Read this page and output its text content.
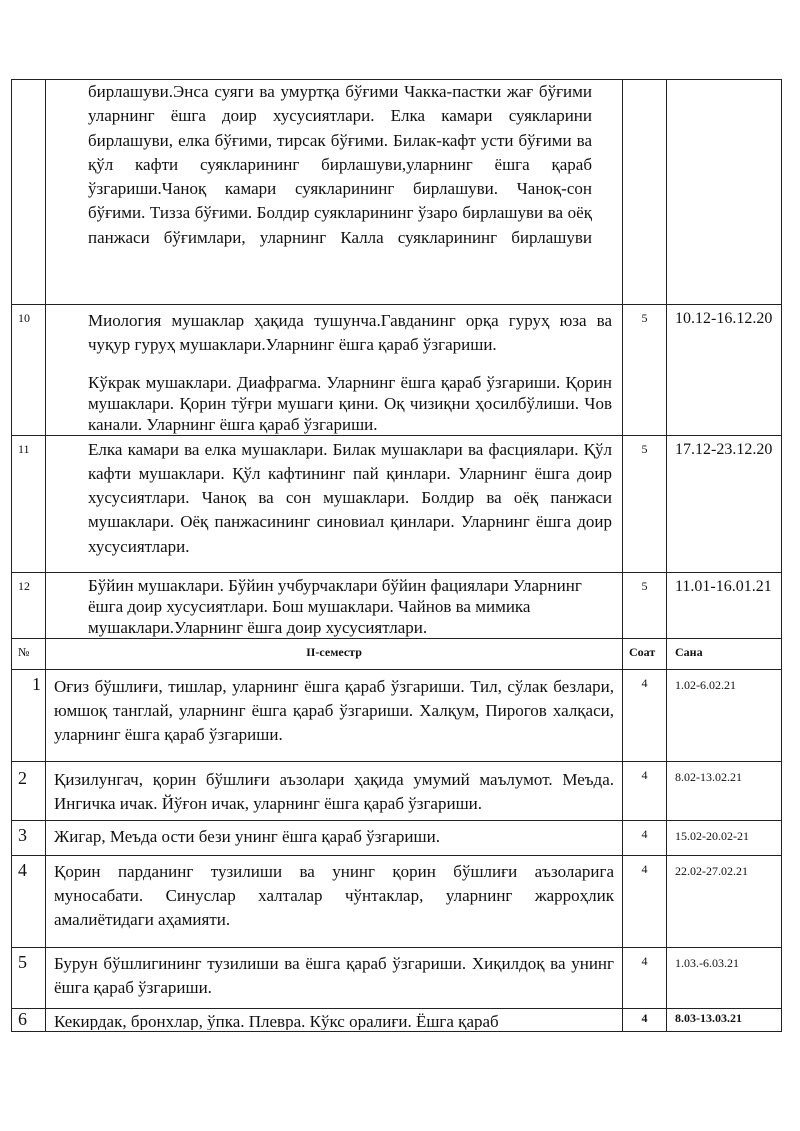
	бирлашуви.Энса суяги ва умуртқа бўғими Чакка-пастки жағ бўғими уларнинг ёшга доир хусусиятлари. Елка камари суякларини бирлашуви, елка бўғими, тирсак бўғими. Билак-кафт усти бўғими ва қўл кафти суякларининг бирлашуви,уларнинг ёшга қараб ўзгариши.Чаноқ камари суякларининг бирлашуви. Чаноқ-сон бўғими. Тизза бўғими. Болдир суякларининг ўзаро бирлашуви ва оёқ панжаси бўғимлари, уларнинг Калла суякларининг бирлашуви		

10	Миология мушаклар ҳақида тушунча.Гавданинг орқа гуруҳ юза ва чуқур гуруҳ мушаклари.Уларнинг ёшга қараб ўзгариши.
Кўкрак мушаклари. Диафрагма. Уларнинг ёшга қараб ўзгариши. Қорин мушаклари. Қорин тўғри мушаги қини. Оқ чизиқни ҳосилбўлиши. Чов канали. Уларнинг ёшга қараб ўзгариши.	5	10.12-16.12.20

11	Елка камари ва елка мушаклари. Билак мушаклари ва фасциялари. Қўл кафти мушаклари. Қўл кафтининг пай қинлари. Уларнинг ёшга доир хусусиятлари. Чаноқ ва сон мушаклари. Болдир ва оёқ панжаси мушаклари. Оёқ панжасининг синовиал қинлари. Уларнинг ёшга доир хусусиятлари.	5	17.12-23.12.20

12	Бўйин мушаклари. Бўйин учбурчаклари бўйин фациялари Уларнинг ёшга доир хусусиятлари. Бош мушаклари. Чайнов ва мимика мушаклари.Уларнинг ёшга доир хусусиятлари.	5	11.01-16.01.21

№	II-семестр	Соат	Сана

1	Оғиз бўшлиғи, тишлар, уларнинг ёшга қараб ўзгариши. Тил, сўлак безлари, юмшоқ танглай, уларнинг ёшга қараб ўзгариши. Халқум, Пирогов халқаси, уларнинг ёшга қараб ўзгариши.	4	1.02-6.02.21

2	Қизилунгач, қорин бўшлиғи аъзолари ҳақида умумий маълумот. Меъда. Ингичка ичак. Йўғон ичак, уларнинг ёшга қараб ўзгариши.	4	8.02-13.02.21

3	Жигар, Меъда ости бези унинг ёшга қараб ўзгариши.	4	15.02-20.02-21

4	Қорин парданинг тузилиши ва унинг қорин бўшлиғи аъзоларига муносабати. Синуслар халталар чўнтаклар, уларнинг жарроҳлик амалиётидаги аҳамияти.	4	22.02-27.02.21

5	Бурун бўшлигининг тузилиши ва ёшга қараб ўзгариши. Хиқилдоқ ва унинг ёшга қараб ўзгариши.	4	1.03.-6.03.21

6	Кекирдак, бронхлар, ўпка. Плевра. Кўкс оралиғи. Ёшга қараб	4	8.03-13.03.21
